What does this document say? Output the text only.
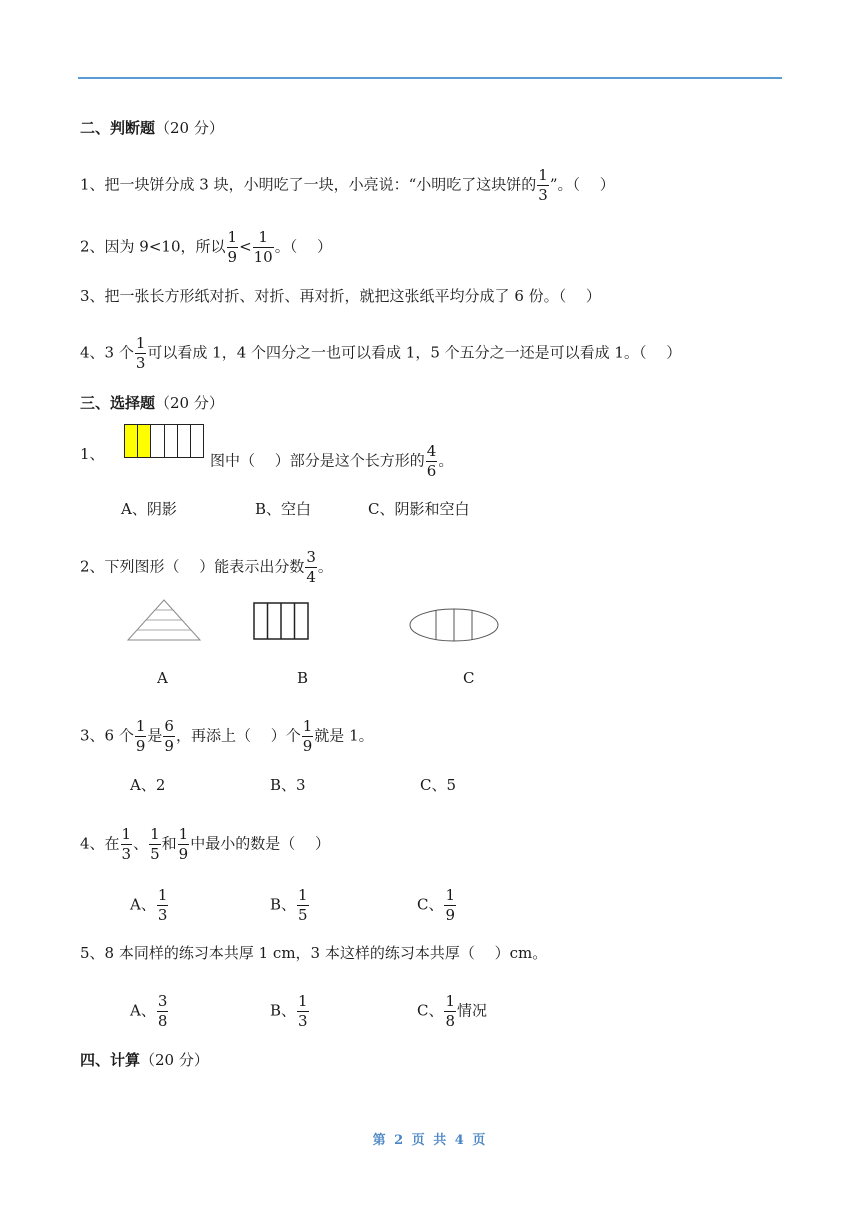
二、判断题（20 分）
1、把一块饼分成 3 块，小明吃了一块，小亮说：“小明吃了这块饼的 $\frac{1}{3}$ ”。（　 ）
2、因为 9<10，所以 $\frac{1}{9} < \frac{1}{10}$ 。（　 ）
3、把一张长方形纸对折、对折、再对折，就把这张纸平均分成了 6 份。（　 ）
4、3 个 $\frac{1}{3}$ 可以看成 1，4 个四分之一也可以看成 1，5 个五分之一还是可以看成 1。（　 ）
三、选择题（20 分）
1、	图中（　 ）部分是这个长方形的 $\frac{4}{6}$ 。
A、阴影	B、空白	C、阴影和空白
2、下列图形（　 ）能表示出分数 $\frac{3}{4}$ 。
A	B	C
3、6 个 $\frac{1}{9}$ 是 $\frac{6}{9}$ ，再添上（　 ）个 $\frac{1}{9}$ 就是 1。
A、2	B、3	C、5
4、在 $\frac{1}{3}$ 、 $\frac{1}{5}$ 和 $\frac{1}{9}$ 中最小的数是（　 ）
A、 $\frac{1}{3}$	B、 $\frac{1}{5}$	C、 $\frac{1}{9}$
5、8 本同样的练习本共厚 1 cm，3 本这样的练习本共厚（　 ）cm。
A、 $\frac{3}{8}$	B、 $\frac{1}{3}$	C、 $\frac{1}{8}$ 情况
四、计算（20 分）
第 2 页 共 4 页
